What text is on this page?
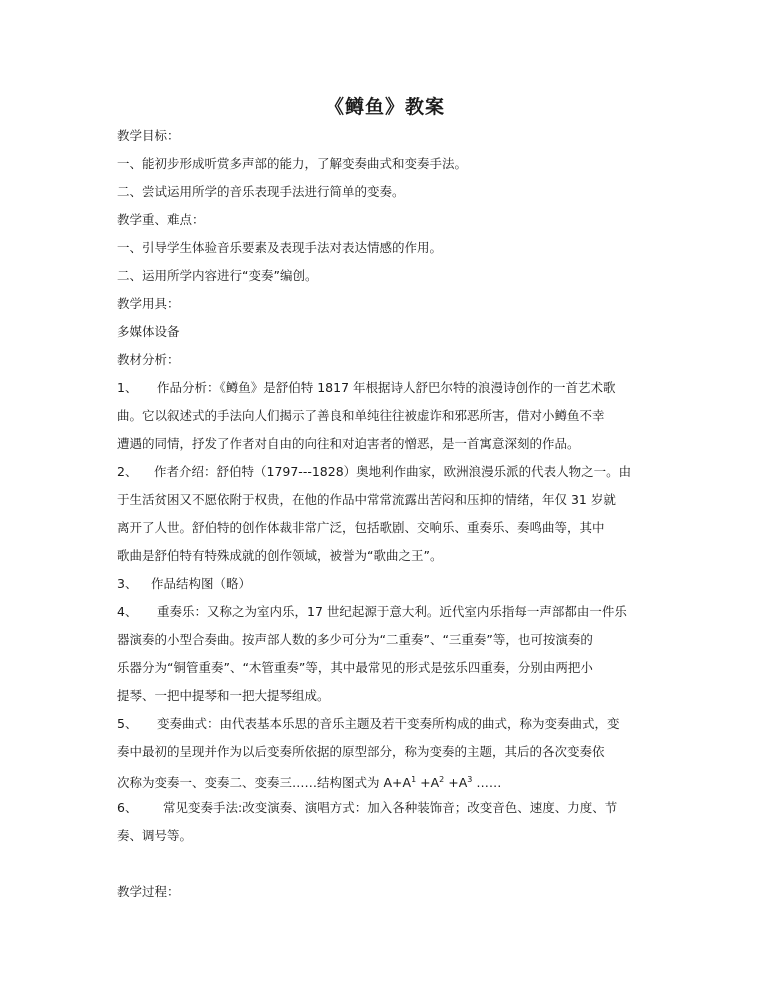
《鳟鱼》教案
教学目标：
一、能初步形成听赏多声部的能力，了解变奏曲式和变奏手法。
二、尝试运用所学的音乐表现手法进行简单的变奏。
教学重、难点：
一、引导学生体验音乐要素及表现手法对表达情感的作用。
二、运用所学内容进行“变奏”编创。
教学用具：
多媒体设备
教材分析：
1、 作品分析：《鳟鱼》是舒伯特 1817 年根据诗人舒巴尔特的浪漫诗创作的一首艺术歌
曲。它以叙述式的手法向人们揭示了善良和单纯往往被虚诈和邪恶所害，借对小鳟鱼不幸
遭遇的同情，抒发了作者对自由的向往和对迫害者的憎恶，是一首寓意深刻的作品。
2、 作者介绍：舒伯特（1797---1828）奥地利作曲家，欧洲浪漫乐派的代表人物之一。由
于生活贫困又不愿依附于权贵，在他的作品中常常流露出苦闷和压抑的情绪，年仅 31 岁就
离开了人世。舒伯特的创作体裁非常广泛，包括歌剧、交响乐、重奏乐、奏鸣曲等，其中
歌曲是舒伯特有特殊成就的创作领域，被誉为“歌曲之王”。
3、 作品结构图（略）
4、 重奏乐：又称之为室内乐，17 世纪起源于意大利。近代室内乐指每一声部都由一件乐
器演奏的小型合奏曲。按声部人数的多少可分为“二重奏”、“三重奏”等，也可按演奏的
乐器分为“铜管重奏”、“木管重奏”等，其中最常见的形式是弦乐四重奏，分别由两把小
提琴、一把中提琴和一把大提琴组成。
5、 变奏曲式：由代表基本乐思的音乐主题及若干变奏所构成的曲式，称为变奏曲式，变
奏中最初的呈现并作为以后变奏所依据的原型部分，称为变奏的主题，其后的各次变奏依
次称为变奏一、变奏二、变奏三……结构图式为 $A+A^1 +A^2 +A^3$ ……
6、 常见变奏手法:改变演奏、演唱方式：加入各种装饰音；改变音色、速度、力度、节
奏、调号等。
教学过程：
